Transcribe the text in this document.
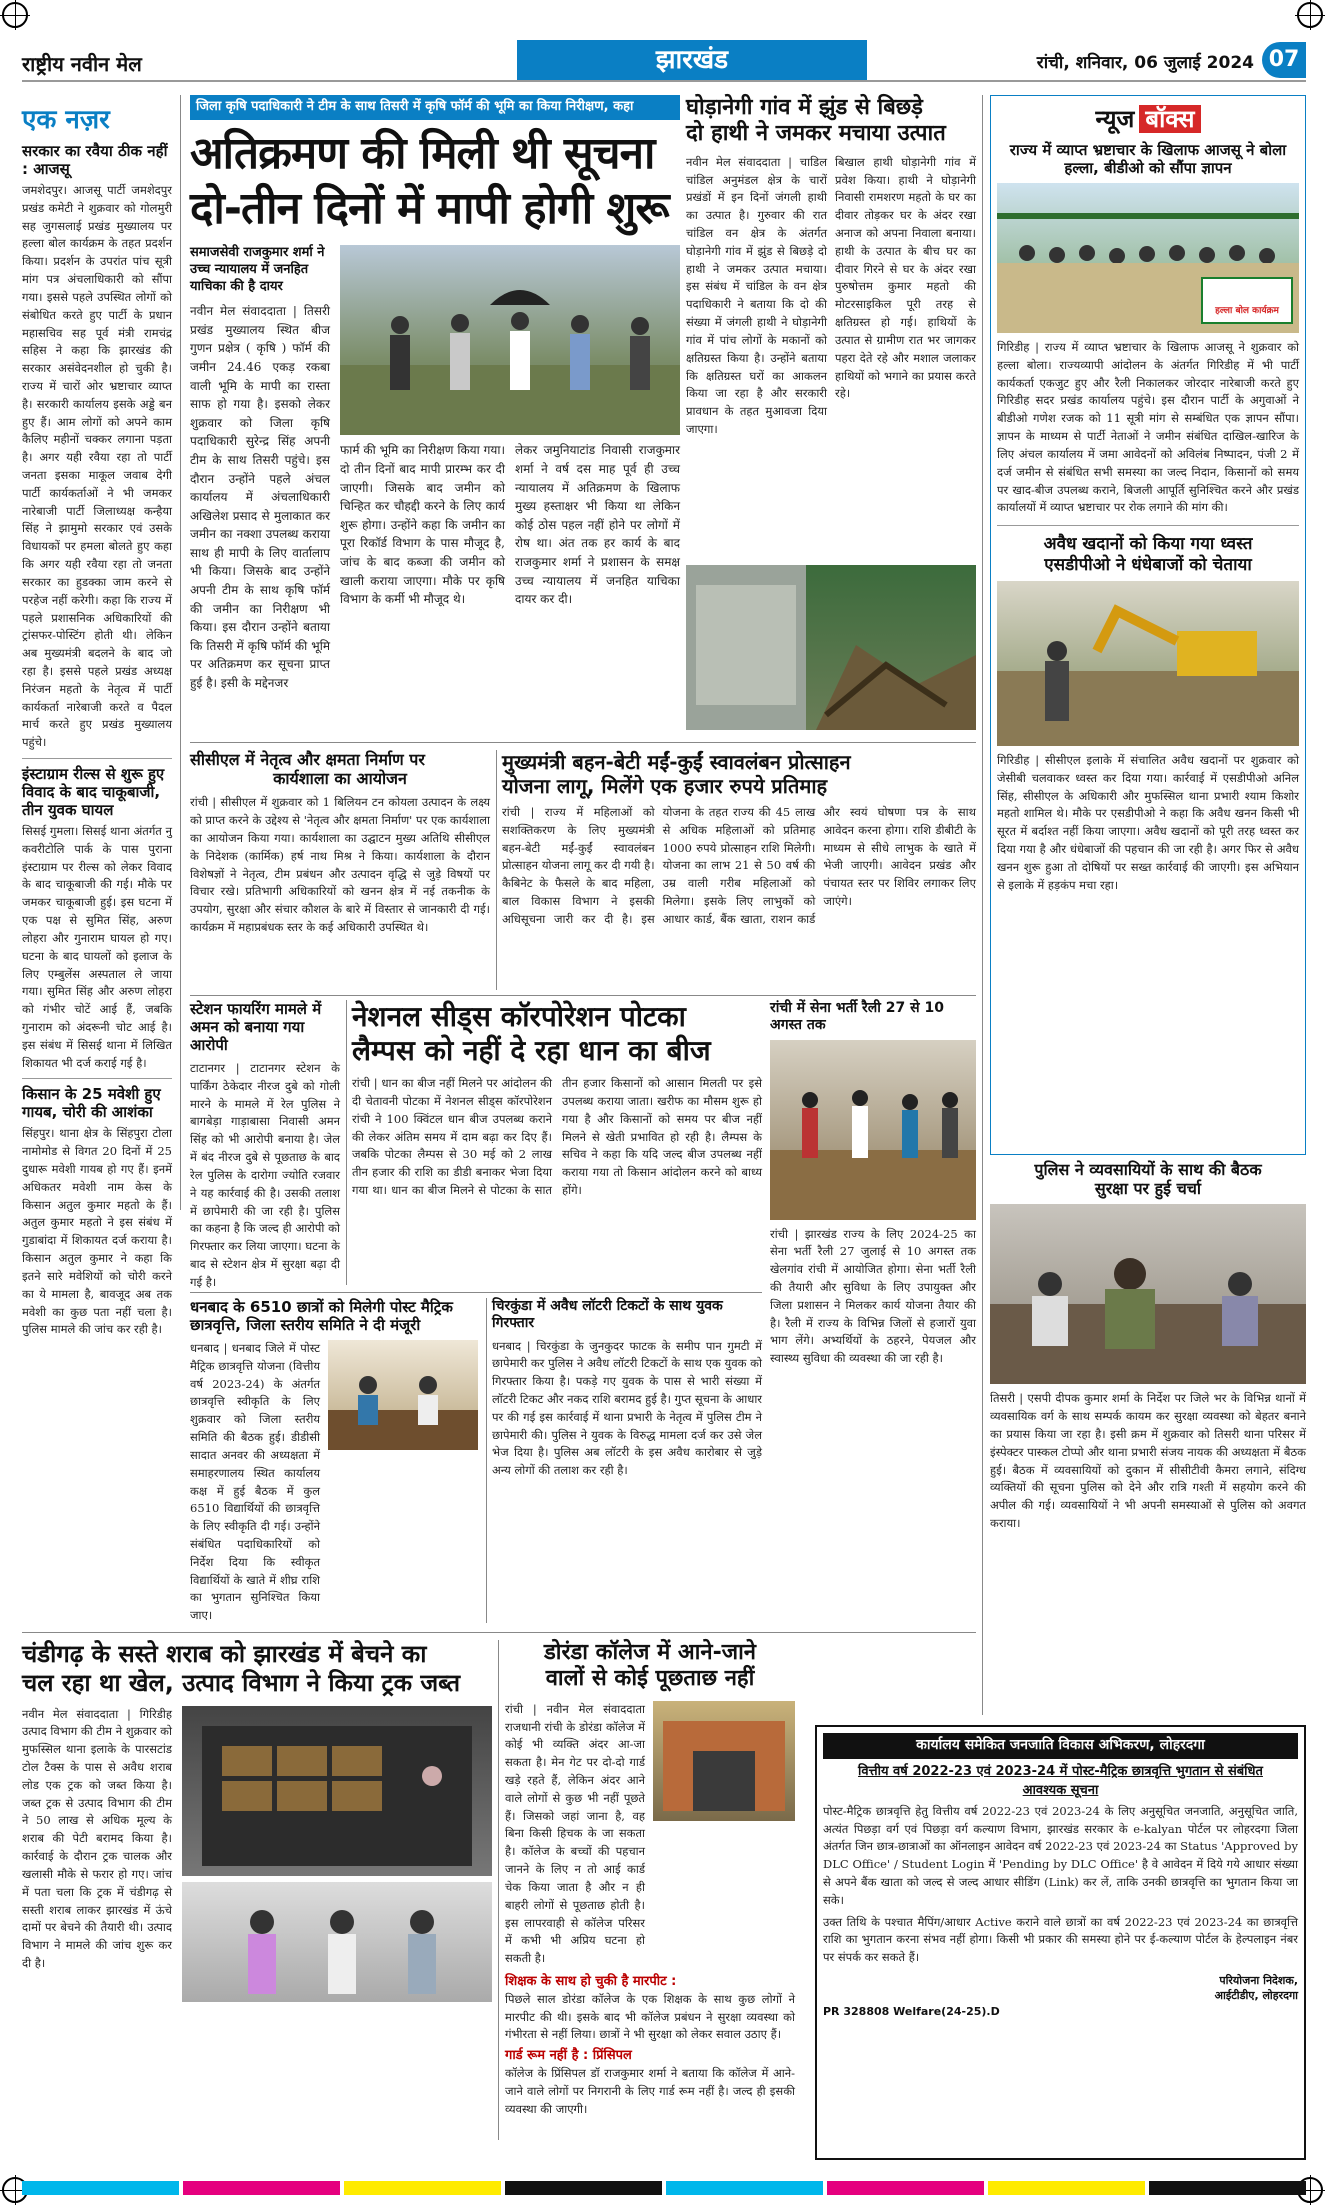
राष्ट्रीय नवीन मेल	झारखंड	रांची, शनिवार, 06 जुलाई 2024 07
एक नज़र
सरकार का रवैया ठीक नहीं : आजसू
जमशेदपुर। आजसू पार्टी जमशेदपुर प्रखंड कमेटी ने शुक्रवार को गोलमुरी सह जुगसलाई प्रखंड मुख्यालय पर हल्ला बोल कार्यक्रम के तहत प्रदर्शन किया। प्रदर्शन के उपरांत पांच सूत्री मांग पत्र अंचलाधिकारी को सौंपा गया। इससे पहले उपस्थित लोगों को संबोधित करते हुए पार्टी के प्रधान महासचिव सह पूर्व मंत्री रामचंद्र सहिस ने कहा कि झारखंड की सरकार असंवेदनशील हो चुकी है। राज्य में चारों ओर भ्रष्टाचार व्याप्त है। सरकारी कार्यालय इसके अड्डे बन हुए हैं। आम लोगों को अपने काम कैलिए महीनों चक्कर लगाना पड़ता है। अगर यही रवैया रहा तो पार्टी जनता इसका माकूल जवाब देगी पार्टी कार्यकर्ताओं ने भी जमकर नारेबाजी पार्टी जिलाध्यक्ष कन्हैया सिंह ने झामुमो सरकार एवं उसके विधायकों पर हमला बोलते हुए कहा कि अगर यही रवैया रहा तो जनता सरकार का हुडक्का जाम करने से परहेज नहीं करेगी। कहा कि राज्य में पहले प्रशासनिक अधिकारियों की ट्रांसफर-पोस्टिंग होती थी। लेकिन अब मुख्यमंत्री बदलने के बाद जो रहा है। इससे पहले प्रखंड अध्यक्ष निरंजन महतो के नेतृत्व में पार्टी कार्यकर्ता नारेबाजी करते व पैदल मार्च करते हुए प्रखंड मुख्यालय पहुंचे।
इंस्टाग्राम रील्स से शुरू हुए विवाद के बाद चाकूबाजी, तीन युवक घायल
सिसई गुमला। सिसई थाना अंतर्गत नु कवरीटोलि पार्क के पास पुराना इंस्टाग्राम पर रील्स को लेकर विवाद के बाद चाकूबाजी की गई। मौके पर जमकर चाकूबाजी हुई। इस घटना में एक पक्ष से सुमित सिंह, अरुण लोहरा और गुनाराम घायल हो गए। घटना के बाद घायलों को इलाज के लिए एम्बुलेंस अस्पताल ले जाया गया। सुमित सिंह और अरुण लोहरा को गंभीर चोटें आई हैं, जबकि गुनाराम को अंदरूनी चोट आई है। इस संबंध में सिसई थाना में लिखित शिकायत भी दर्ज कराई गई है।
किसान के 25 मवेशी हुए गायब, चोरी की आशंका
सिंहपुर। थाना क्षेत्र के सिंहपुरा टोला नामोमोड से विगत 20 दिनों में 25 दुधारू मवेशी गायब हो गए हैं। इनमें अधिकतर मवेशी नाम केस के किसान अतुल कुमार महतो के हैं। अतुल कुमार महतो ने इस संबंध में गुडाबांदा में शिकायत दर्ज कराया है। किसान अतुल कुमार ने कहा कि इतने सारे मवेशियों को चोरी करने का ये मामला है, बावजूद अब तक मवेशी का कुछ पता नहीं चला है। पुलिस मामले की जांच कर रही है।
जिला कृषि पदाधिकारी ने टीम के साथ तिसरी में कृषि फॉर्म की भूमि का किया निरीक्षण, कहा
अतिक्रमण की मिली थी सूचना
दो-तीन दिनों में मापी होगी शुरू
समाजसेवी राजकुमार शर्मा ने उच्च न्यायालय में जनहित याचिका की है दायर
नवीन मेल संवाददाता | तिसरी प्रखंड मुख्यालय स्थित बीज गुणन प्रक्षेत्र ( कृषि ) फॉर्म की जमीन 24.46 एकड़ रकबा वाली भूमि के मापी का रास्ता साफ हो गया है। इसको लेकर शुक्रवार को जिला कृषि पदाधिकारी सुरेन्द्र सिंह अपनी टीम के साथ तिसरी पहुंचे। इस दौरान उन्होंने पहले अंचल कार्यालय में अंचलाधिकारी अखिलेश प्रसाद से मुलाकात कर जमीन का नक्शा उपलब्ध कराया साथ ही मापी के लिए वार्तालाप भी किया। जिसके बाद उन्होंने अपनी टीम के साथ कृषि फॉर्म की जमीन का निरीक्षण भी किया। इस दौरान उन्होंने बताया कि तिसरी में कृषि फॉर्म की भूमि पर अतिक्रमण कर सूचना प्राप्त हुई है। इसी के मद्देनजर
फार्म की भूमि का निरीक्षण किया गया। दो तीन दिनों बाद मापी प्रारम्भ कर दी जाएगी। जिसके बाद जमीन को चिन्हित कर चौहद्दी करने के लिए कार्य शुरू होगा। उन्होंने कहा कि जमीन का पूरा रिकॉर्ड विभाग के पास मौजूद है, जांच के बाद कब्जा की जमीन को खाली कराया जाएगा। मौके पर कृषि विभाग के कर्मी भी मौजूद थे।
लेकर जमुनियाटांड निवासी राजकुमार शर्मा ने वर्ष दस माह पूर्व ही उच्च न्यायालय में अतिक्रमण के खिलाफ मुख्य हस्ताक्षर भी किया था लेकिन कोई ठोस पहल नहीं होने पर लोगों में रोष था। अंत तक हर कार्य के बाद राजकुमार शर्मा ने प्रशासन के समक्ष उच्च न्यायालय में जनहित याचिका दायर कर दी।
घोड़ानेगी गांव में झुंड से बिछड़े
दो हाथी ने जमकर मचाया उत्पात
नवीन मेल संवाददाता | चाडिल चांडिल अनुमंडल क्षेत्र के चारों प्रखंडों में इन दिनों जंगली हाथी का उत्पात है। गुरुवार की रात चांडिल वन क्षेत्र के अंतर्गत घोड़ानेगी गांव में झुंड से बिछड़े दो हाथी ने जमकर उत्पात मचाया। इस संबंध में चांडिल के वन क्षेत्र पदाधिकारी ने बताया कि दो की संख्या में जंगली हाथी ने घोड़ानेगी गांव में पांच लोगों के मकानों को क्षतिग्रस्त किया है। उन्होंने बताया कि क्षतिग्रस्त घरों का आकलन किया जा रहा है और सरकारी प्रावधान के तहत मुआवजा दिया जाएगा।
बिखाल हाथी घोड़ानेगी गांव में प्रवेश किया। हाथी ने घोड़ानेगी निवासी रामशरण महतो के घर का दीवार तोड़कर घर के अंदर रखा अनाज को अपना निवाला बनाया। हाथी के उत्पात के बीच घर का दीवार गिरने से घर के अंदर रखा पुरुषोत्तम कुमार महतो की मोटरसाइकिल पूरी तरह से क्षतिग्रस्त हो गई। हाथियों के उत्पात से ग्रामीण रात भर जागकर पहरा देते रहे और मशाल जलाकर हाथियों को भगाने का प्रयास करते रहे।
न्यूज बॉक्स
राज्य में व्याप्त भ्रष्टाचार के खिलाफ आजसू ने बोला हल्ला, बीडीओ को सौंपा ज्ञापन
हल्ला बोल कार्यक्रम
गिरिडीह | राज्य में व्याप्त भ्रष्टाचार के खिलाफ आजसू ने शुक्रवार को हल्ला बोला। राज्यव्यापी आंदोलन के अंतर्गत गिरिडीह में भी पार्टी कार्यकर्ता एकजुट हुए और रैली निकालकर जोरदार नारेबाजी करते हुए गिरिडीह सदर प्रखंड कार्यालय पहुंचे। इस दौरान पार्टी के अगुवाओं ने बीडीओ गणेश रजक को 11 सूत्री मांग से सम्बंधित एक ज्ञापन सौंपा। ज्ञापन के माध्यम से पार्टी नेताओं ने जमीन संबंधित दाखिल-खारिज के लिए अंचल कार्यालय में जमा आवेदनों को अविलंब निष्पादन, पंजी 2 में दर्ज जमीन से संबंधित सभी समस्या का जल्द निदान, किसानों को समय पर खाद-बीज उपलब्ध कराने, बिजली आपूर्ति सुनिश्चित करने और प्रखंड कार्यालयों में व्याप्त भ्रष्टाचार पर रोक लगाने की मांग की।
अवैध खदानों को किया गया ध्वस्त
एसडीपीओ ने धंधेबाजों को चेताया
गिरिडीह | सीसीएल इलाके में संचालित अवैध खदानों पर शुक्रवार को जेसीबी चलवाकर ध्वस्त कर दिया गया। कार्रवाई में एसडीपीओ अनिल सिंह, सीसीएल के अधिकारी और मुफस्सिल थाना प्रभारी श्याम किशोर महतो शामिल थे। मौके पर एसडीपीओ ने कहा कि अवैध खनन किसी भी सूरत में बर्दाश्त नहीं किया जाएगा। अवैध खदानों को पूरी तरह ध्वस्त कर दिया गया है और धंधेबाजों की पहचान की जा रही है। अगर फिर से अवैध खनन शुरू हुआ तो दोषियों पर सख्त कार्रवाई की जाएगी। इस अभियान से इलाके में हड़कंप मचा रहा।
पुलिस ने व्यवसायियों के साथ की बैठक
सुरक्षा पर हुई चर्चा
तिसरी | एसपी दीपक कुमार शर्मा के निर्देश पर जिले भर के विभिन्न थानों में व्यवसायिक वर्ग के साथ सम्पर्क कायम कर सुरक्षा व्यवस्था को बेहतर बनाने का प्रयास किया जा रहा है। इसी क्रम में शुक्रवार को तिसरी थाना परिसर में इंस्पेक्टर पास्कल टोप्पो और थाना प्रभारी संजय नायक की अध्यक्षता में बैठक हुई। बैठक में व्यवसायियों को दुकान में सीसीटीवी कैमरा लगाने, संदिग्ध व्यक्तियों की सूचना पुलिस को देने और रात्रि गश्ती में सहयोग करने की अपील की गई। व्यवसायियों ने भी अपनी समस्याओं से पुलिस को अवगत कराया।
सीसीएल में नेतृत्व और क्षमता निर्माण पर
कार्यशाला का आयोजन
रांची | सीसीएल में शुक्रवार को 1 बिलियन टन कोयला उत्पादन के लक्ष्य को प्राप्त करने के उद्देश्य से 'नेतृत्व और क्षमता निर्माण' पर एक कार्यशाला का आयोजन किया गया। कार्यशाला का उद्घाटन मुख्य अतिथि सीसीएल के निदेशक (कार्मिक) हर्ष नाथ मिश्र ने किया। कार्यशाला के दौरान विशेषज्ञों ने नेतृत्व, टीम प्रबंधन और उत्पादन वृद्धि से जुड़े विषयों पर विचार रखे। प्रतिभागी अधिकारियों को खनन क्षेत्र में नई तकनीक के उपयोग, सुरक्षा और संचार कौशल के बारे में विस्तार से जानकारी दी गई। कार्यक्रम में महाप्रबंधक स्तर के कई अधिकारी उपस्थित थे।
मुख्यमंत्री बहन-बेटी मईं-कुईं स्वावलंबन प्रोत्साहन
योजना लागू, मिलेंगे एक हजार रुपये प्रतिमाह
रांची | राज्य में महिलाओं को सशक्तिकरण के लिए मुख्यमंत्री बहन-बेटी मईं-कुईं स्वावलंबन प्रोत्साहन योजना लागू कर दी गयी है। कैबिनेट के फैसले के बाद महिला, बाल विकास विभाग ने इसकी अधिसूचना जारी कर दी है। इस योजना के तहत राज्य की 45 लाख से अधिक महिलाओं को प्रतिमाह 1000 रुपये प्रोत्साहन राशि मिलेगी। योजना का लाभ 21 से 50 वर्ष की उम्र वाली गरीब महिलाओं को मिलेगा। इसके लिए लाभुकों को आधार कार्ड, बैंक खाता, राशन कार्ड और स्वयं घोषणा पत्र के साथ आवेदन करना होगा। राशि डीबीटी के माध्यम से सीधे लाभुक के खाते में भेजी जाएगी। आवेदन प्रखंड और पंचायत स्तर पर शिविर लगाकर लिए जाएंगे।
स्टेशन फायरिंग मामले में अमन को बनाया गया आरोपी
टाटानगर | टाटानगर स्टेशन के पार्किंग ठेकेदार नीरज दुबे को गोली मारने के मामले में रेल पुलिस ने बागबेड़ा गाड़ाबासा निवासी अमन सिंह को भी आरोपी बनाया है। जेल में बंद नीरज दुबे से पूछताछ के बाद रेल पुलिस के दारोगा ज्योति रजवार ने यह कार्रवाई की है। उसकी तलाश में छापेमारी की जा रही है। पुलिस का कहना है कि जल्द ही आरोपी को गिरफ्तार कर लिया जाएगा। घटना के बाद से स्टेशन क्षेत्र में सुरक्षा बढ़ा दी गई है।
नेशनल सीड्स कॉरपोरेशन पोटका
लैम्पस को नहीं दे रहा धान का बीज
रांची | धान का बीज नहीं मिलने पर आंदोलन की दी चेतावनी पोटका में नेशनल सीड्स कॉरपोरेशन रांची ने 100 क्विंटल धान बीज उपलब्ध कराने की लेकर अंतिम समय में दाम बढ़ा कर दिए हैं। जबकि पोटका लैम्पस से 30 मई को 2 लाख तीन हजार की राशि का डीडी बनाकर भेजा दिया गया था। धान का बीज मिलने से पोटका के सात तीन हजार किसानों को आसान मिलती पर इसे उपलब्ध कराया जाता। खरीफ का मौसम शुरू हो गया है और किसानों को समय पर बीज नहीं मिलने से खेती प्रभावित हो रही है। लैम्पस के सचिव ने कहा कि यदि जल्द बीज उपलब्ध नहीं कराया गया तो किसान आंदोलन करने को बाध्य होंगे।
रांची में सेना भर्ती रैली 27 से 10 अगस्त तक
रांची | झारखंड राज्य के लिए 2024-25 का सेना भर्ती रैली 27 जुलाई से 10 अगस्त तक खेलगांव रांची में आयोजित होगा। सेना भर्ती रैली की तैयारी और सुविधा के लिए उपायुक्त और जिला प्रशासन ने मिलकर कार्य योजना तैयार की है। रैली में राज्य के विभिन्न जिलों से हजारों युवा भाग लेंगे। अभ्यर्थियों के ठहरने, पेयजल और स्वास्थ्य सुविधा की व्यवस्था की जा रही है।
धनबाद के 6510 छात्रों को मिलेगी पोस्ट मैट्रिक
छात्रवृत्ति, जिला स्तरीय समिति ने दी मंजूरी
धनबाद | धनबाद जिले में पोस्ट मैट्रिक छात्रवृत्ति योजना (वित्तीय वर्ष 2023-24) के अंतर्गत छात्रवृत्ति स्वीकृति के लिए शुक्रवार को जिला स्तरीय समिति की बैठक हुई। डीडीसी सादात अनवर की अध्यक्षता में समाहरणालय स्थित कार्यालय कक्ष में हुई बैठक में कुल 6510 विद्यार्थियों की छात्रवृत्ति के लिए स्वीकृति दी गई। उन्होंने संबंधित पदाधिकारियों को निर्देश दिया कि स्वीकृत विद्यार्थियों के खाते में शीघ्र राशि का भुगतान सुनिश्चित किया जाए।
चिरकुंडा में अवैध लॉटरी टिकटों के साथ युवक गिरफ्तार
धनबाद | चिरकुंडा के जुनकुदर फाटक के समीप पान गुमटी में छापेमारी कर पुलिस ने अवैध लॉटरी टिकटों के साथ एक युवक को गिरफ्तार किया है। पकड़े गए युवक के पास से भारी संख्या में लॉटरी टिकट और नकद राशि बरामद हुई है। गुप्त सूचना के आधार पर की गई इस कार्रवाई में थाना प्रभारी के नेतृत्व में पुलिस टीम ने छापेमारी की। पुलिस ने युवक के विरुद्ध मामला दर्ज कर उसे जेल भेज दिया है। पुलिस अब लॉटरी के इस अवैध कारोबार से जुड़े अन्य लोगों की तलाश कर रही है।
चंडीगढ़ के सस्ते शराब को झारखंड में बेचने का
चल रहा था खेल, उत्पाद विभाग ने किया ट्रक जब्त
नवीन मेल संवाददाता | गिरिडीह उत्पाद विभाग की टीम ने शुक्रवार को मुफस्सिल थाना इलाके के पारसटांड टोल टैक्स के पास से अवैध शराब लोड एक ट्रक को जब्त किया है। जब्त ट्रक से उत्पाद विभाग की टीम ने 50 लाख से अधिक मूल्य के शराब की पेटी बरामद किया है। कार्रवाई के दौरान ट्रक चालक और खलासी मौके से फरार हो गए। जांच में पता चला कि ट्रक में चंडीगढ़ से सस्ती शराब लाकर झारखंड में ऊंचे दामों पर बेचने की तैयारी थी। उत्पाद विभाग ने मामले की जांच शुरू कर दी है।
डोरंडा कॉलेज में आने-जाने
वालों से कोई पूछताछ नहीं
रांची | नवीन मेल संवाददाता राजधानी रांची के डोरंडा कॉलेज में कोई भी व्यक्ति अंदर आ-जा सकता है। मेन गेट पर दो-दो गार्ड खड़े रहते हैं, लेकिन अंदर आने वाले लोगों से कुछ भी नहीं पूछते हैं। जिसको जहां जाना है, वह बिना किसी हिचक के जा सकता है। कॉलेज के बच्चों की पहचान जानने के लिए न तो आई कार्ड चेक किया जाता है और न ही बाहरी लोगों से पूछताछ होती है। इस लापरवाही से कॉलेज परिसर में कभी भी अप्रिय घटना हो सकती है।
शिक्षक के साथ हो चुकी है मारपीट :
पिछले साल डोरंडा कॉलेज के एक शिक्षक के साथ कुछ लोगों ने मारपीट की थी। इसके बाद भी कॉलेज प्रबंधन ने सुरक्षा व्यवस्था को गंभीरता से नहीं लिया। छात्रों ने भी सुरक्षा को लेकर सवाल उठाए हैं।
गार्ड रूम नहीं है : प्रिंसिपल
कॉलेज के प्रिंसिपल डॉ राजकुमार शर्मा ने बताया कि कॉलेज में आने-जाने वाले लोगों पर निगरानी के लिए गार्ड रूम नहीं है। जल्द ही इसकी व्यवस्था की जाएगी।
कार्यालय समेकित जनजाति विकास अभिकरण, लोहरदगा
वित्तीय वर्ष 2022-23 एवं 2023-24 में पोस्ट-मैट्रिक छात्रवृत्ति भुगतान से संबंधित
आवश्यक सूचना
पोस्ट-मैट्रिक छात्रवृत्ति हेतु वित्तीय वर्ष 2022-23 एवं 2023-24 के लिए अनुसूचित जनजाति, अनुसूचित जाति, अत्यंत पिछड़ा वर्ग एवं पिछड़ा वर्ग कल्याण विभाग, झारखंड सरकार के e-kalyan पोर्टल पर लोहरदगा जिला अंतर्गत जिन छात्र-छात्राओं का ऑनलाइन आवेदन वर्ष 2022-23 एवं 2023-24 का Status 'Approved by DLC Office' / Student Login में 'Pending by DLC Office' है वे आवेदन में दिये गये आधार संख्या से अपने बैंक खाता को जल्द से जल्द आधार सीडिंग (Link) कर लें, ताकि उनकी छात्रवृत्ति का भुगतान किया जा सके।
उक्त तिथि के पश्चात मैपिंग/आधार Active कराने वाले छात्रों का वर्ष 2022-23 एवं 2023-24 का छात्रवृत्ति राशि का भुगतान करना संभव नहीं होगा। किसी भी प्रकार की समस्या होने पर ई-कल्याण पोर्टल के हेल्पलाइन नंबर पर संपर्क कर सकते हैं।
परियोजना निदेशक,
आईटीडीए, लोहरदगा
PR 328808 Welfare(24-25).D
